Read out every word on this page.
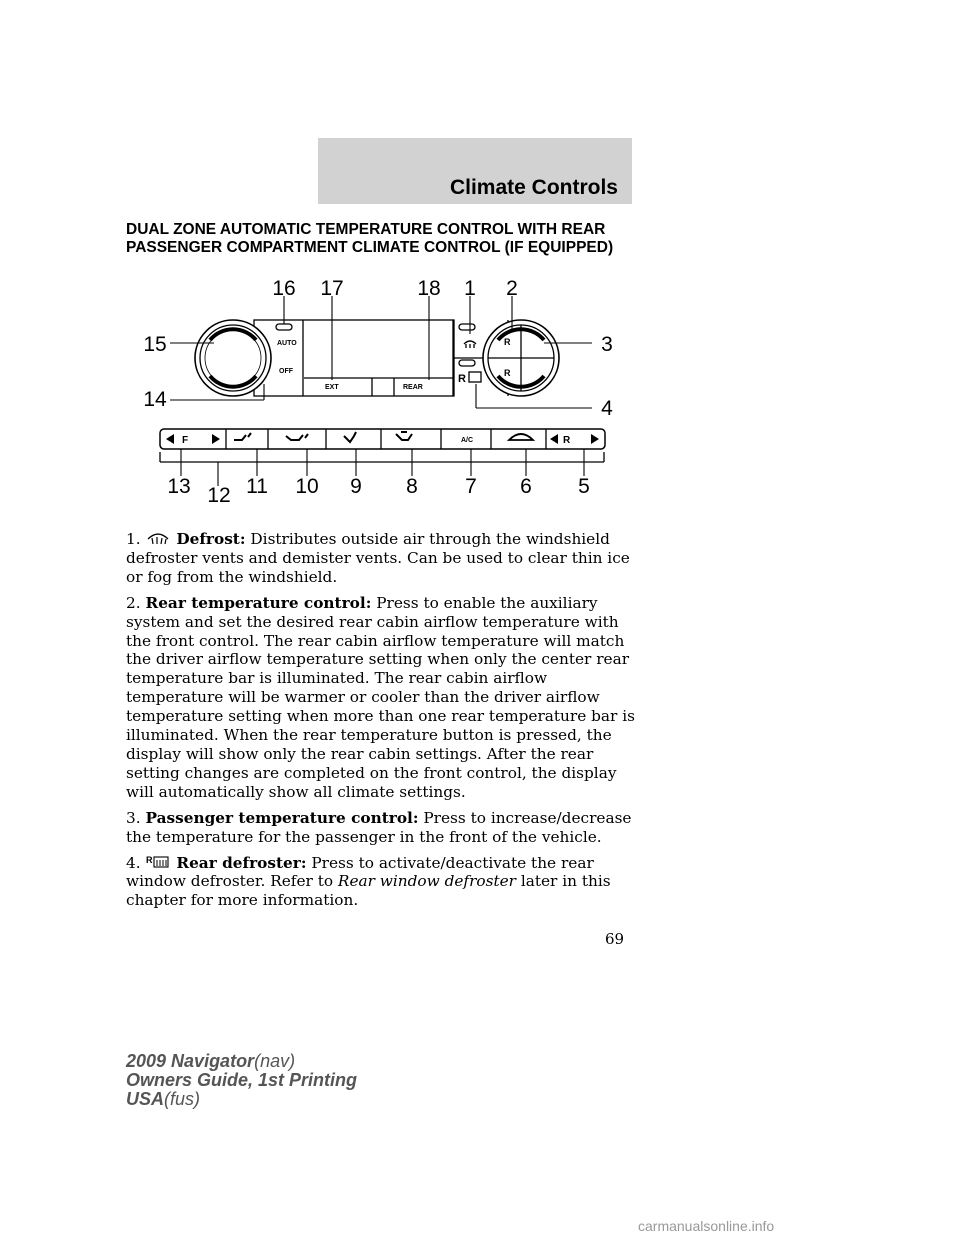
Climate Controls
DUAL ZONE AUTOMATIC TEMPERATURE CONTROL WITH REAR
PASSENGER COMPARTMENT CLIMATE CONTROL (IF EQUIPPED)
AUTO
OFF
EXT	REAR
A/C
R
R
R
F	R
16 17	18 1 2
15	3
14	4
13 12 11 10 9 8 7 6 5

1. Defrost: Distributes outside air through the windshield defroster vents and demister vents. Can be used to clear thin ice or fog from the windshield.

2. Rear temperature control: Press to enable the auxiliary system and set the desired rear cabin airflow temperature with the front control. The rear cabin airflow temperature will match the driver airflow temperature setting when only the center rear temperature bar is illuminated. The rear cabin airflow temperature will be warmer or cooler than the driver airflow temperature setting when more than one rear temperature bar is illuminated. When the rear temperature button is pressed, the display will show only the rear cabin settings. After the rear setting changes are completed on the front control, the display will automatically show all climate settings.

3. Passenger temperature control: Press to increase/decrease the temperature for the passenger in the front of the vehicle.

4. R Rear defroster: Press to activate/deactivate the rear window defroster. Refer to Rear window defroster later in this chapter for more information.

69
2009 Navigator(nav)
Owners Guide, 1st Printing
USA(fus)
carmanualsonline.info
